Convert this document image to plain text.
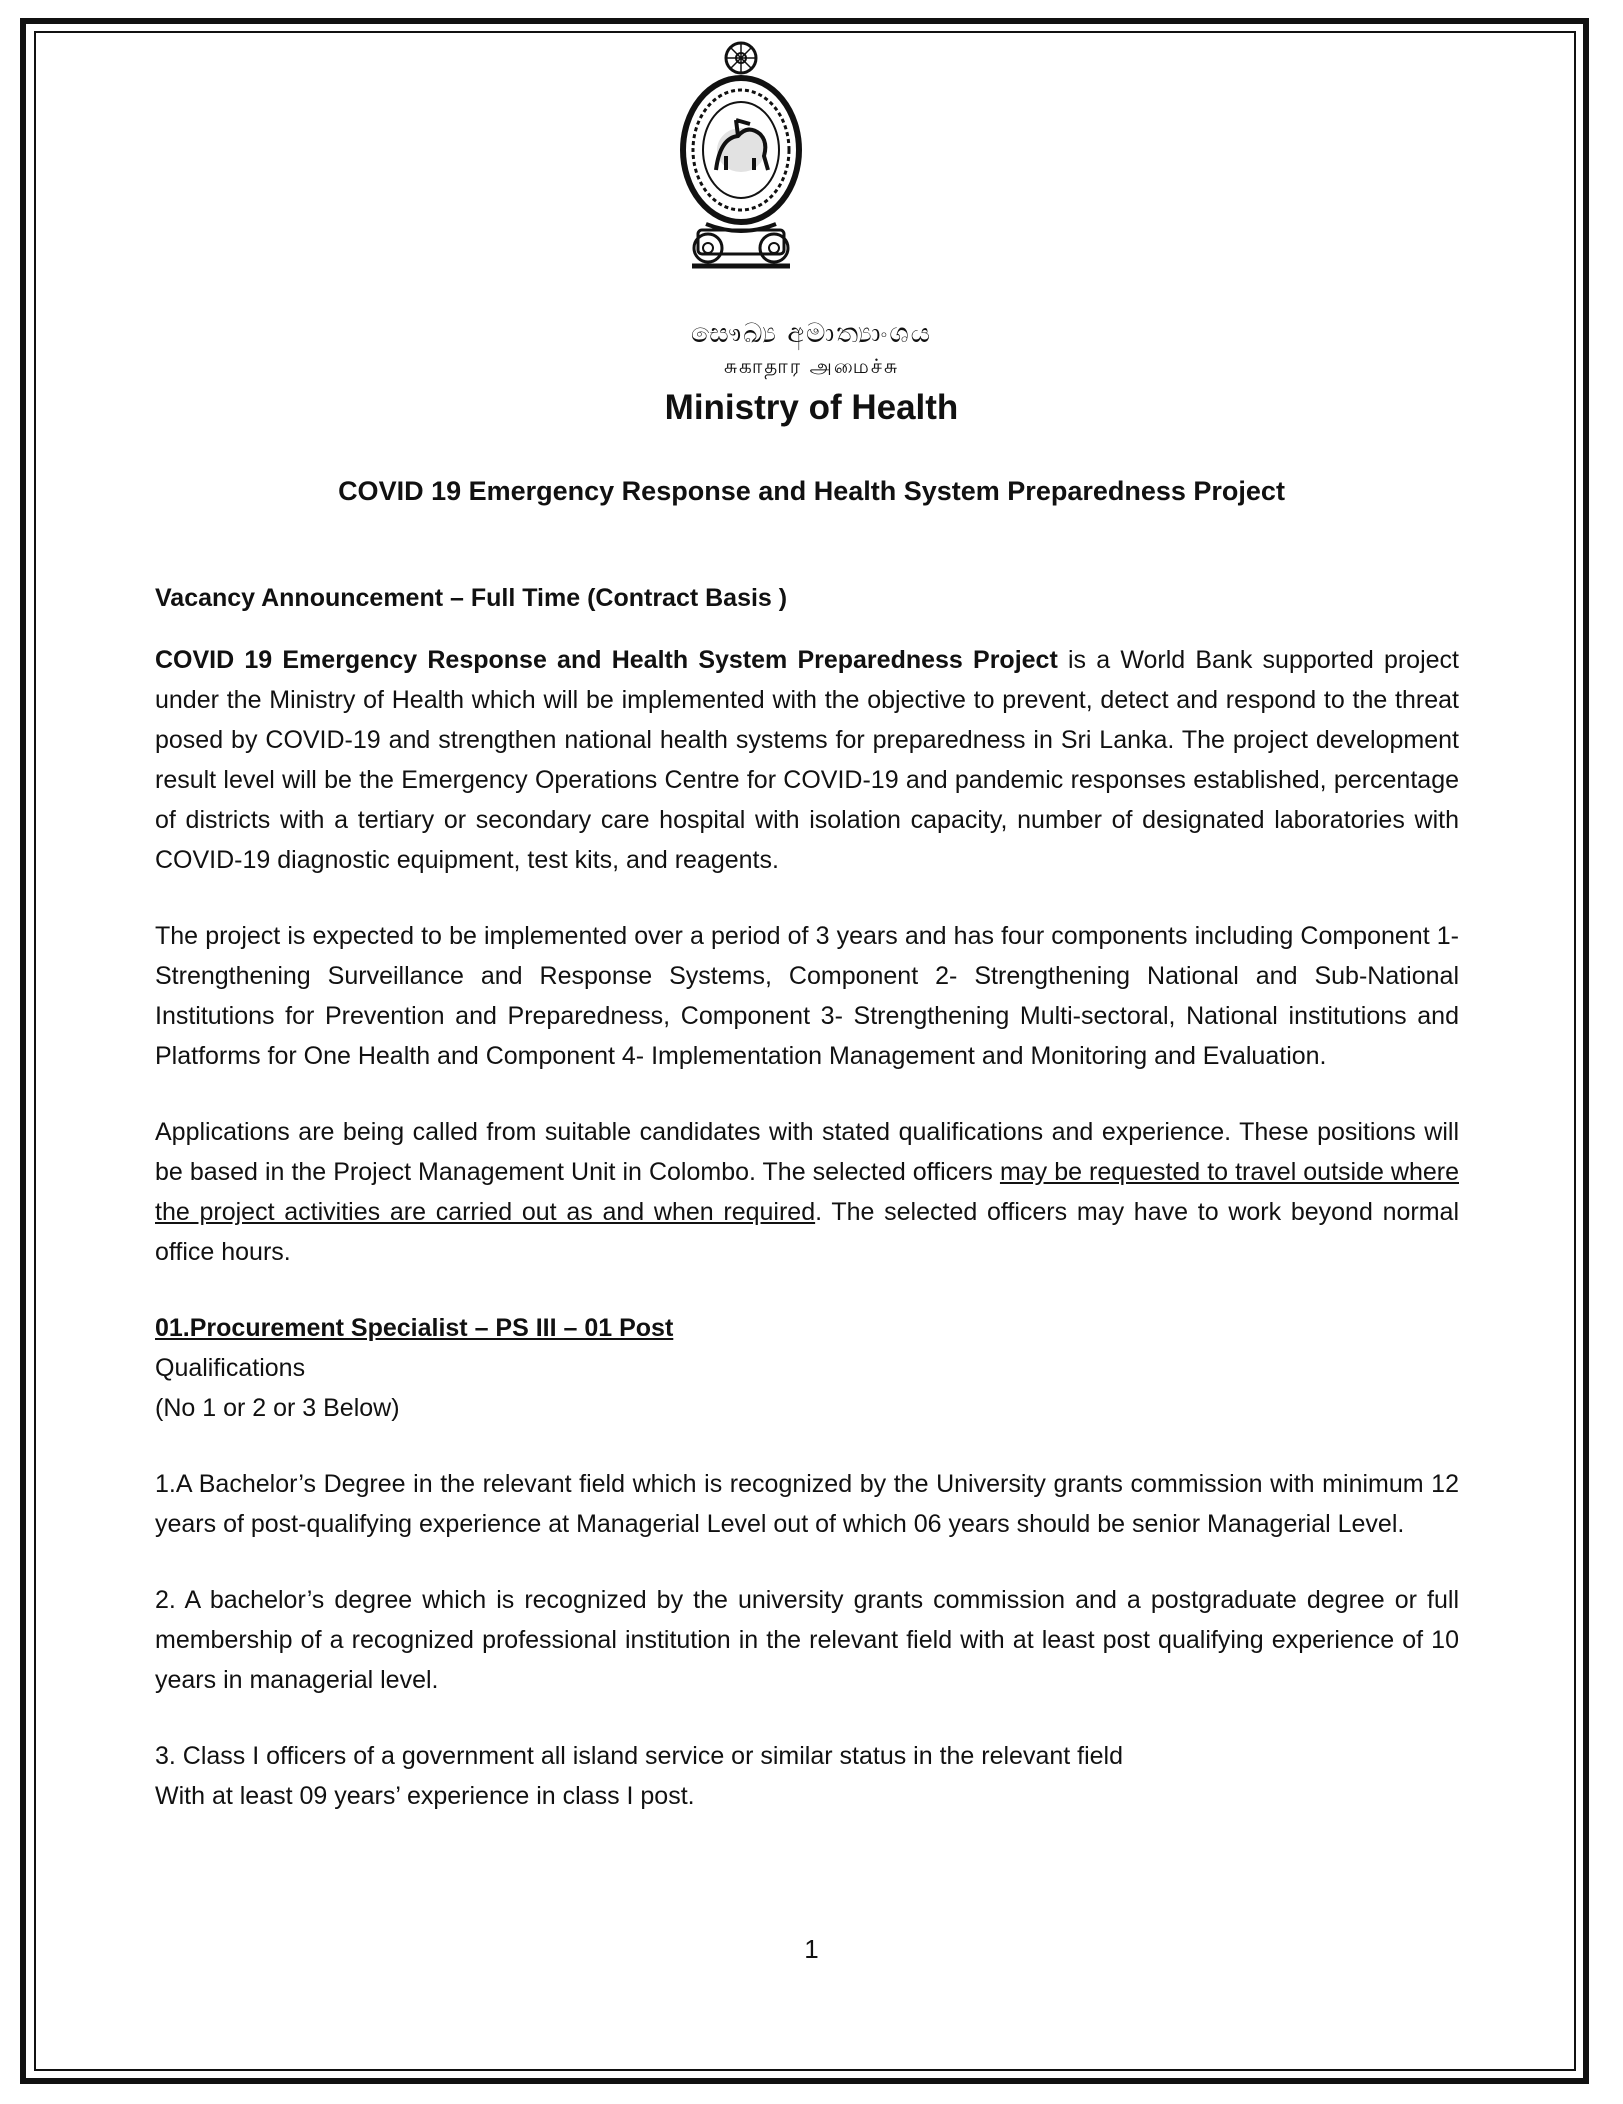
සෞඛ්‍ය අමාත්‍යාංශය
சுகாதார அமைச்சு
Ministry of Health
COVID 19 Emergency Response and Health System Preparedness Project

Vacancy Announcement – Full Time (Contract Basis )

COVID 19 Emergency Response and Health System Preparedness Project is a World Bank supported project under the Ministry of Health which will be implemented with the objective to prevent, detect and respond to the threat posed by COVID-19 and strengthen national health systems for preparedness in Sri Lanka. The project development result level will be the Emergency Operations Centre for COVID-19 and pandemic responses established, percentage of districts with a tertiary or secondary care hospital with isolation capacity, number of designated laboratories with COVID-19 diagnostic equipment, test kits, and reagents.

The project is expected to be implemented over a period of 3 years and has four components including Component 1- Strengthening Surveillance and Response Systems, Component 2- Strengthening National and Sub-National Institutions for Prevention and Preparedness, Component 3- Strengthening Multi-sectoral, National institutions and Platforms for One Health and Component 4- Implementation Management and Monitoring and Evaluation.

Applications are being called from suitable candidates with stated qualifications and experience. These positions will be based in the Project Management Unit in Colombo. The selected officers may be requested to travel outside where the project activities are carried out as and when required. The selected officers may have to work beyond normal office hours.

01.Procurement Specialist – PS III – 01 Post

Qualifications

(No 1 or 2 or 3 Below)

1.A Bachelor’s Degree in the relevant field which is recognized by the University grants commission with minimum 12 years of post-qualifying experience at Managerial Level out of which 06 years should be senior Managerial Level.

2. A bachelor’s degree which is recognized by the university grants commission and a postgraduate degree or full membership of a recognized professional institution in the relevant field with at least post qualifying experience of 10 years in managerial level.

3. Class I officers of a government all island service or similar status in the relevant field

With at least 09 years’ experience in class I post.

1
